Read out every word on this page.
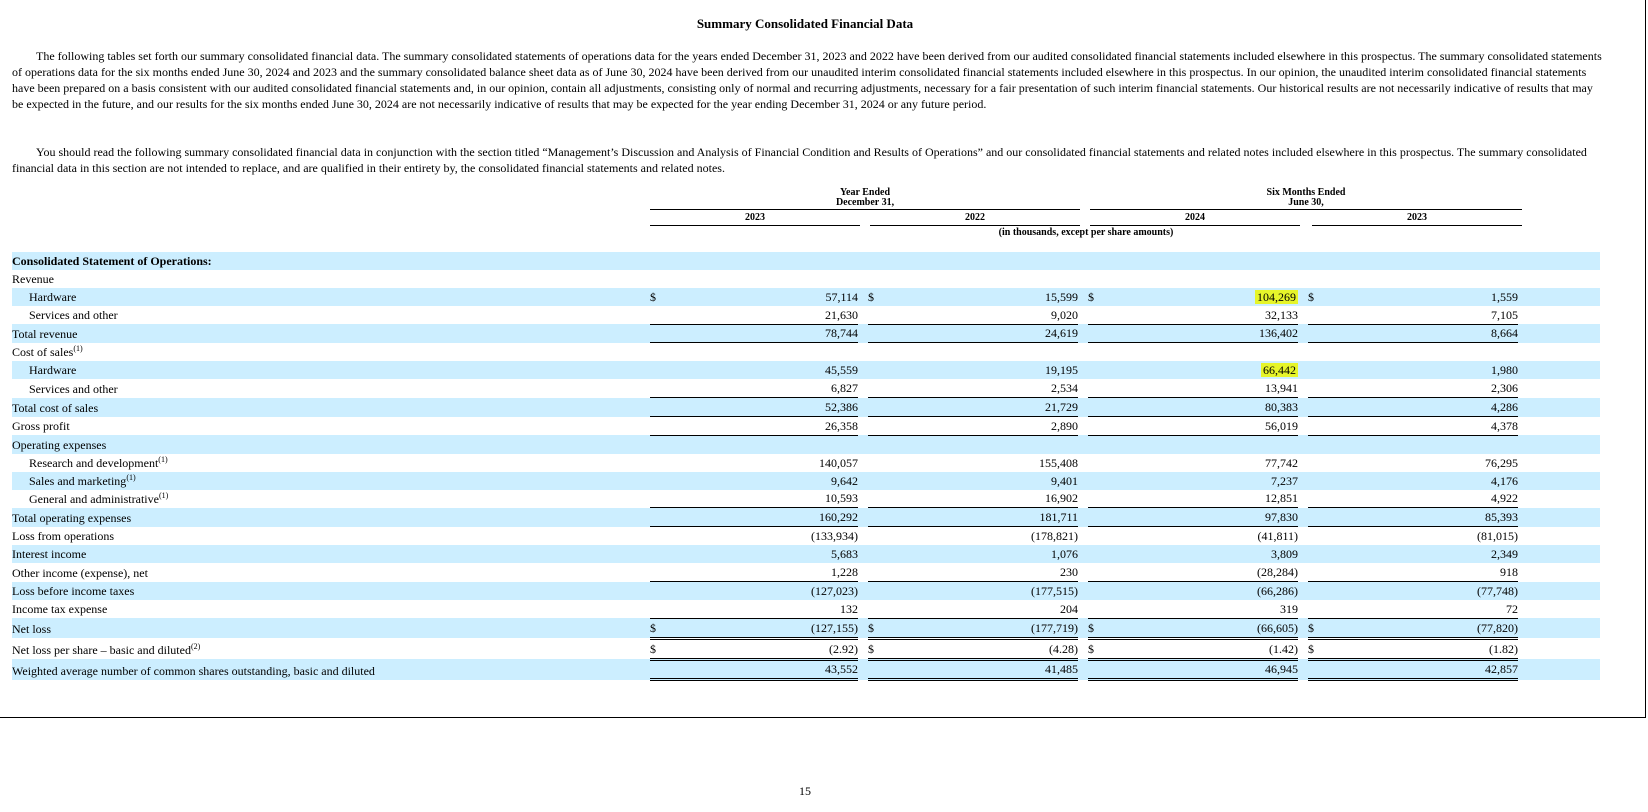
Summary Consolidated Financial Data

The following tables set forth our summary consolidated financial data. The summary consolidated statements of operations data for the years ended December 31, 2023 and 2022 have been derived from our audited consolidated financial statements included elsewhere in this prospectus. The summary consolidated statements of operations data for the six months ended June 30, 2024 and 2023 and the summary consolidated balance sheet data as of June 30, 2024 have been derived from our unaudited interim consolidated financial statements included elsewhere in this prospectus. In our opinion, the unaudited interim consolidated financial statements have been prepared on a basis consistent with our audited consolidated financial statements and, in our opinion, contain all adjustments, consisting only of normal and recurring adjustments, necessary for a fair presentation of such interim financial statements. Our historical results are not necessarily indicative of results that may be expected in the future, and our results for the six months ended June 30, 2024 are not necessarily indicative of results that may be expected for the year ending December 31, 2024 or any future period.

You should read the following summary consolidated financial data in conjunction with the section titled “Management’s Discussion and Analysis of Financial Condition and Results of Operations” and our consolidated financial statements and related notes included elsewhere in this prospectus. The summary consolidated financial data in this section are not intended to replace, and are qualified in their entirety by, the consolidated financial statements and related notes.

Year Ended
December 31,
Six Months Ended
June 30,
2023	2022	2024	2023
(in thousands, except per share amounts)
Consolidated Statement of Operations:												
Revenue												
Hardware	$	57,114		$	15,599		$	104,269		$	1,559	
Services and other		21,630			9,020			32,133			7,105	
Total revenue		78,744			24,619			136,402			8,664	
Cost of sales$^{(1)}$												
Hardware		45,559			19,195			66,442			1,980	
Services and other		6,827			2,534			13,941			2,306	
Total cost of sales		52,386			21,729			80,383			4,286	
Gross profit		26,358			2,890			56,019			4,378	
Operating expenses												
Research and development$^{(1)}$		140,057			155,408			77,742			76,295	
Sales and marketing$^{(1)}$		9,642			9,401			7,237			4,176	
General and administrative$^{(1)}$		10,593			16,902			12,851			4,922	
Total operating expenses		160,292			181,711			97,830			85,393	
Loss from operations		(133,934)			(178,821)			(41,811)			(81,015)	
Interest income		5,683			1,076			3,809			2,349	
Other income (expense), net		1,228			230			(28,284)			918	
Loss before income taxes		(127,023)			(177,515)			(66,286)			(77,748)	
Income tax expense		132			204			319			72	
Net loss	$	(127,155)		$	(177,719)		$	(66,605)		$	(77,820)	
Net loss per share – basic and diluted$^{(2)}$	$	(2.92)		$	(4.28)		$	(1.42)		$	(1.82)	
Weighted average number of common shares outstanding, basic and diluted		43,552			41,485			46,945			42,857	
15
